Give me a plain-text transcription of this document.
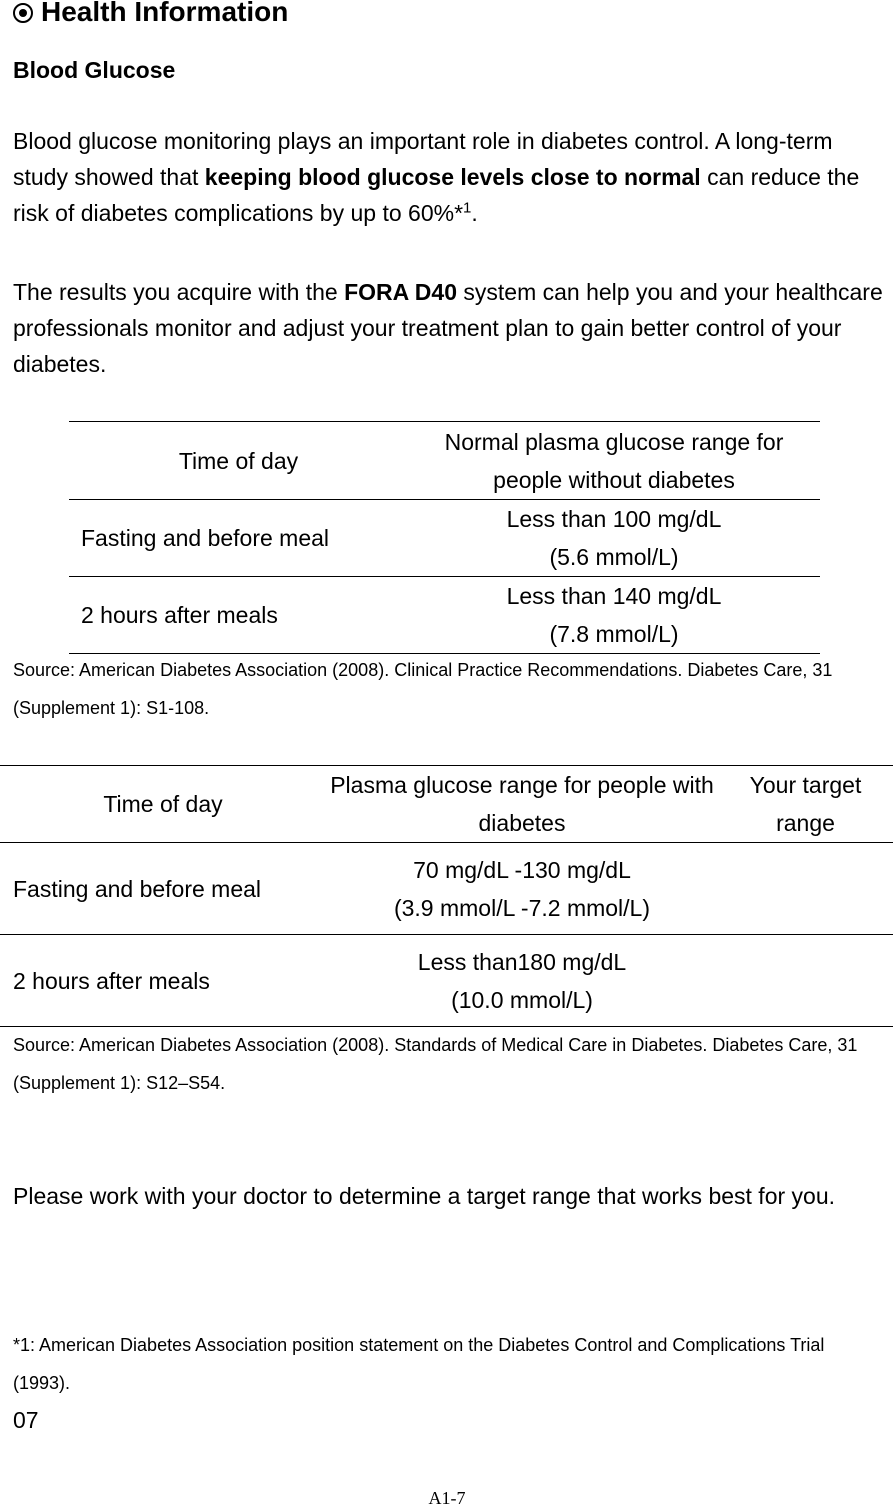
Health Information
Blood Glucose

Blood glucose monitoring plays an important role in diabetes control. A long-term study showed that keeping blood glucose levels close to normal can reduce the risk of diabetes complications by up to 60%*$^1$.

The results you acquire with the FORA D40 system can help you and your healthcare professionals monitor and adjust your treatment plan to gain better control of your diabetes.

Time of day	Normal plasma glucose range for people without diabetes
Fasting and before meal	Less than 100 mg/dL
(5.6 mmol/L)

2 hours after meals	Less than 140 mg/dL
(7.8 mmol/L)

Source: American Diabetes Association (2008). Clinical Practice Recommendations. Diabetes Care, 31 (Supplement 1): S1-108.

Time of day	Plasma glucose range for people with diabetes	Your target range
Fasting and before meal	70 mg/dL -130 mg/dL
(3.9 mmol/L -7.2 mmol/L)	

2 hours after meals	Less than180 mg/dL
(10.0 mmol/L)	

Source: American Diabetes Association (2008). Standards of Medical Care in Diabetes. Diabetes Care, 31 (Supplement 1): S12–S54.

Please work with your doctor to determine a target range that works best for you.

*1: American Diabetes Association position statement on the Diabetes Control and Complications Trial (1993).

07
A1-7
